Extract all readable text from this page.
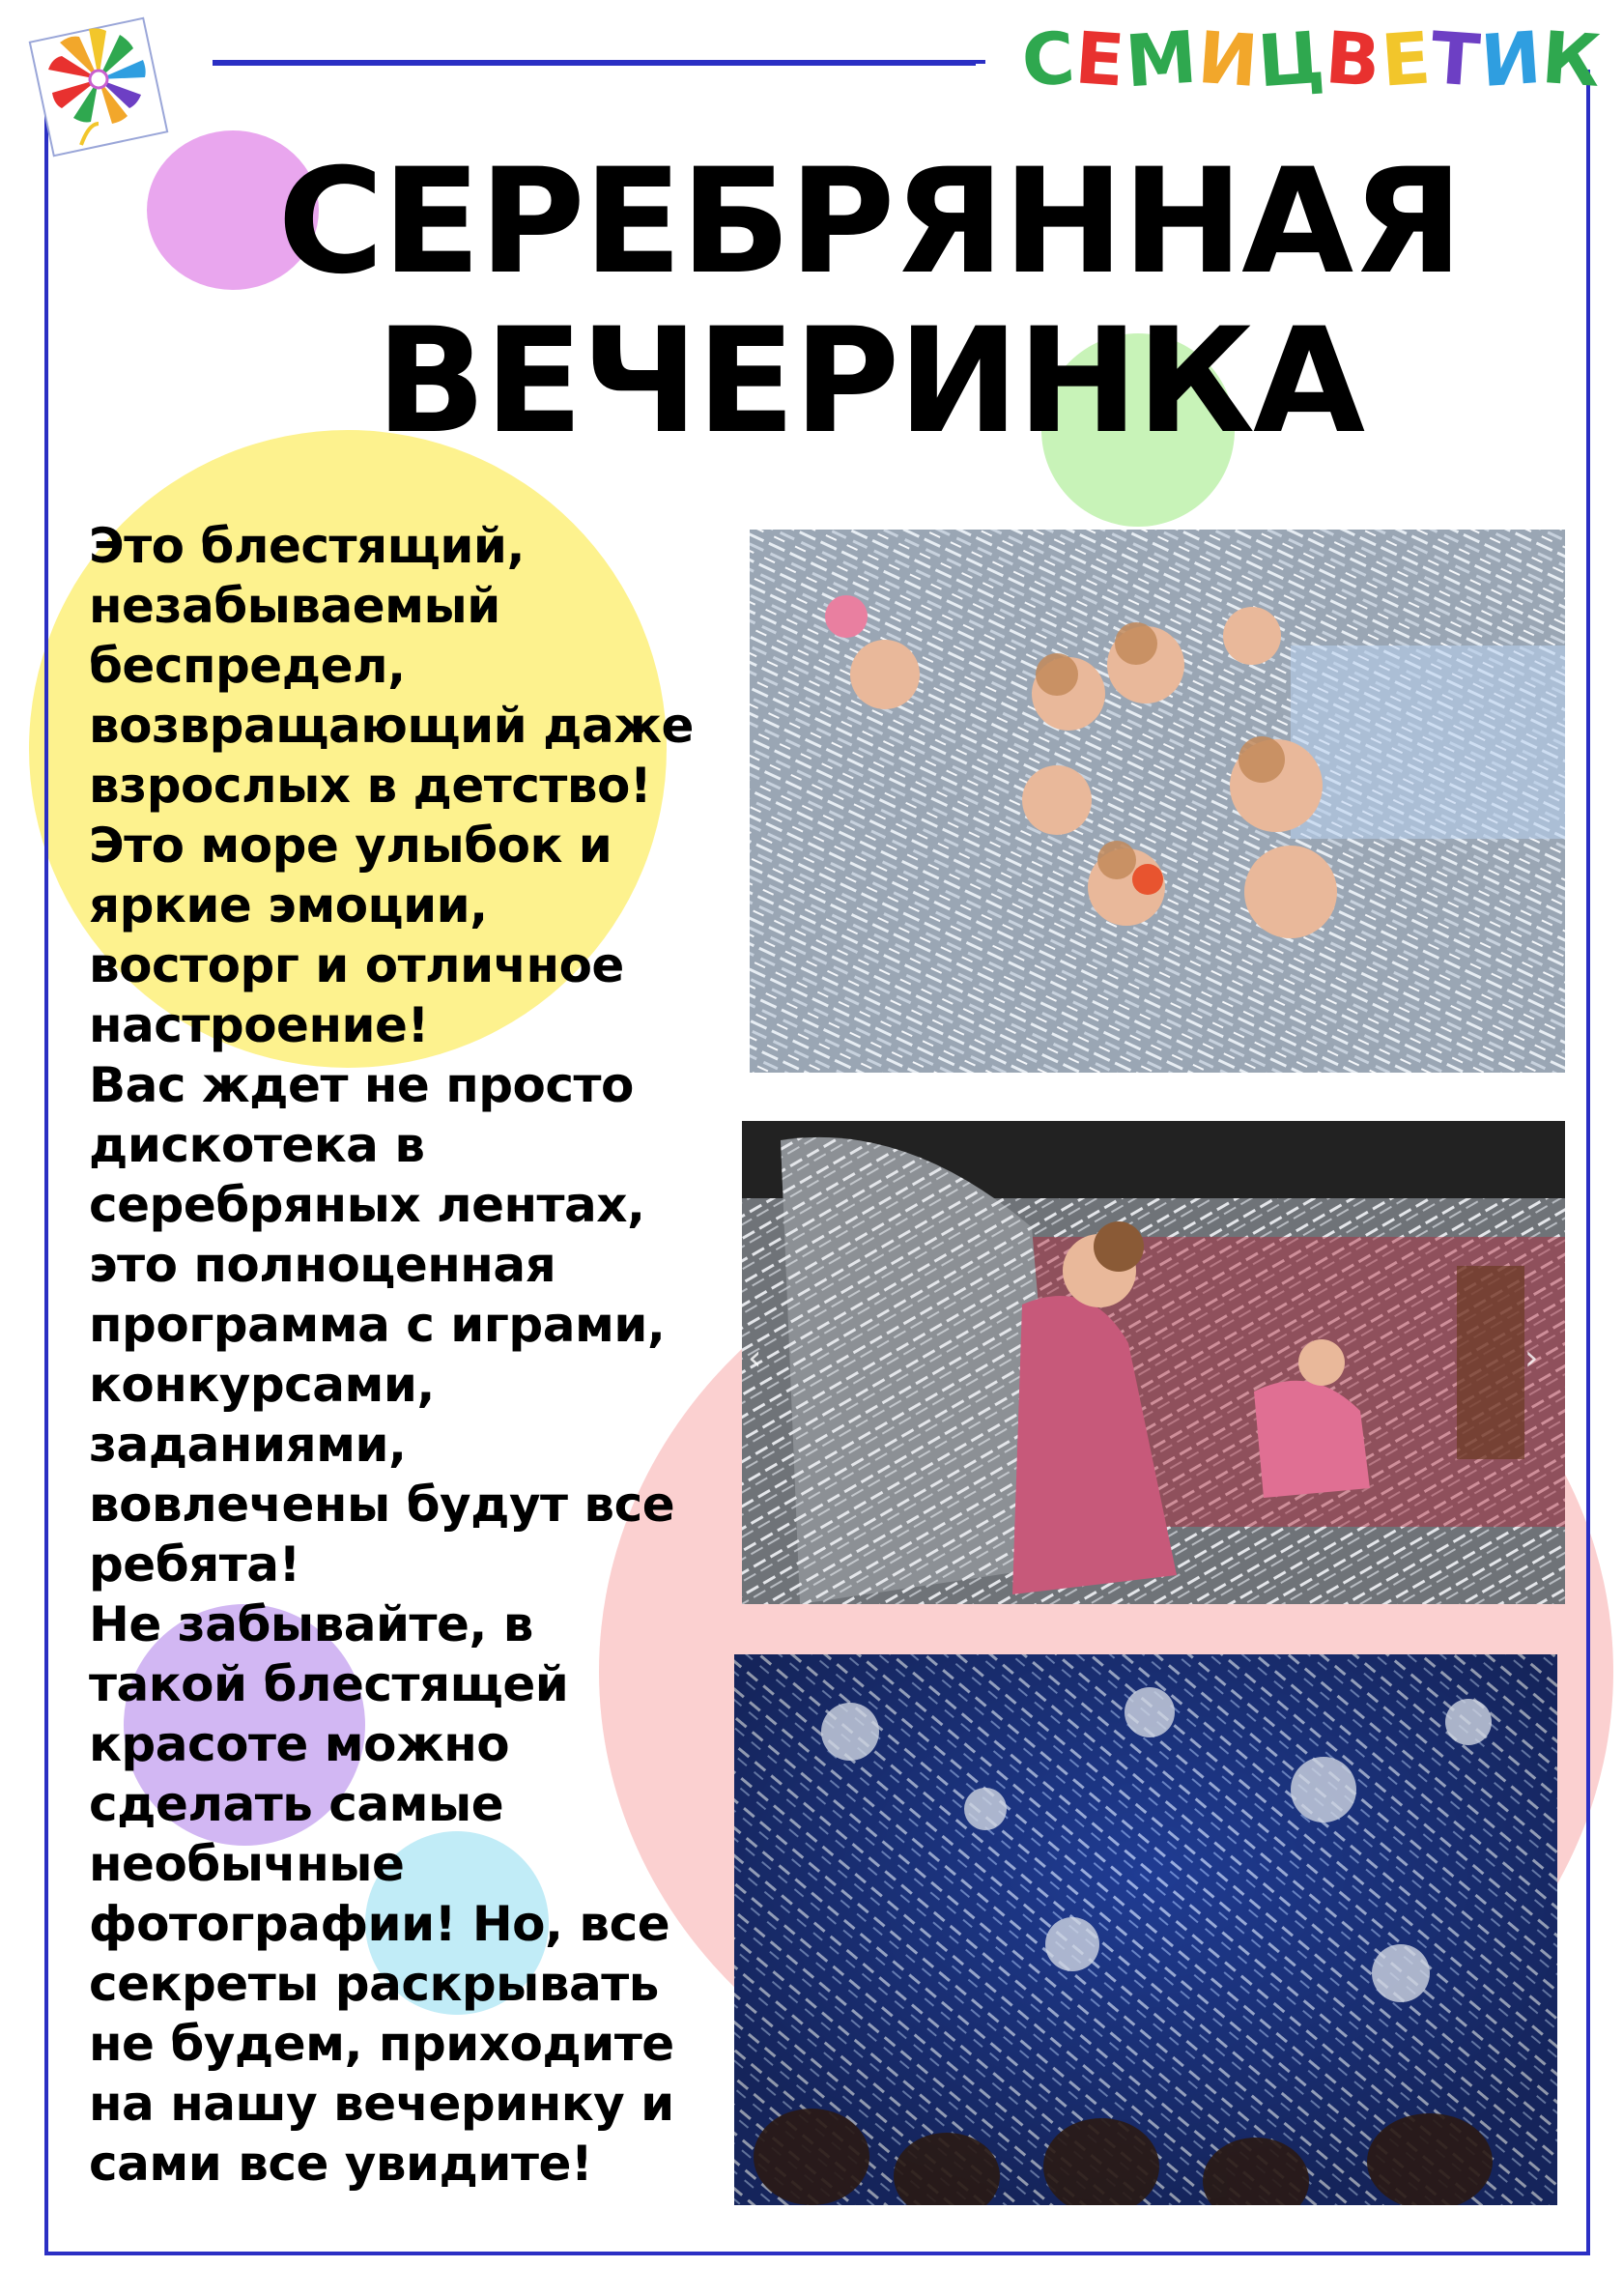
СЕМИЦВЕТИК
СЕРЕБРЯННАЯ
ВЕЧЕРИНКА
Это блестящий,
незабываемый
беспредел,
возвращающий даже
взрослых в детство!
Это море улыбок и
яркие эмоции,
восторг и отличное
настроение!
Вас ждет не просто
дискотека в
серебряных лентах,
это полноценная
программа с играми,
конкурсами,
заданиями,
вовлечены будут все
ребята!
Не забывайте, в
такой блестящей
красоте можно
сделать самые
необычные
фотографии! Но, все
секреты раскрывать
не будем, приходите
на нашу вечеринку и
сами все увидите!
‹	›
